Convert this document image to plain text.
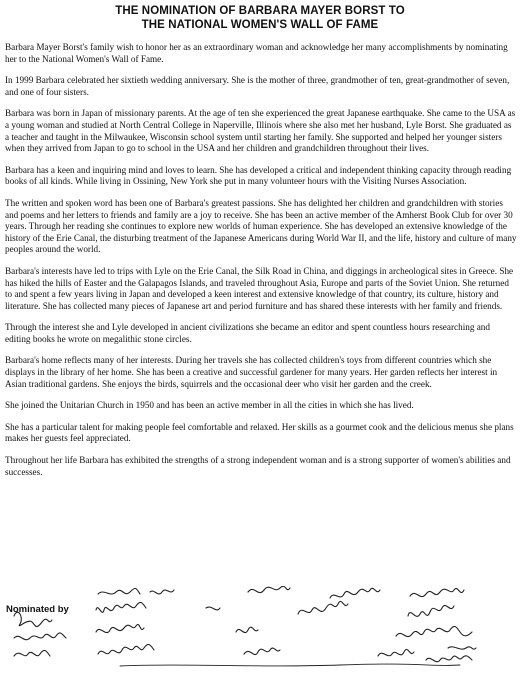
THE NOMINATION OF BARBARA MAYER BORST TO
THE NATIONAL WOMEN'S WALL OF FAME

Barbara Mayer Borst's family wish to honor her as an extraordinary woman and acknowledge her many accomplishments by nominating her to the National Women's Wall of Fame.

In 1999 Barbara celebrated her sixtieth wedding anniversary. She is the mother of three, grandmother of ten, great-grandmother of seven, and one of four sisters.

Barbara was born in Japan of missionary parents. At the age of ten she experienced the great Japanese earthquake. She came to the USA as a young woman and studied at North Central College in Naperville, Illinois where she also met her husband, Lyle Borst. She graduated as a teacher and taught in the Milwaukee, Wisconsin school system until starting her family. She supported and helped her younger sisters when they arrived from Japan to go to school in the USA and her children and grandchildren throughout their lives.

Barbara has a keen and inquiring mind and loves to learn. She has developed a critical and independent thinking capacity through reading books of all kinds. While living in Ossining, New York she put in many volunteer hours with the Visiting Nurses Association.

The written and spoken word has been one of Barbara's greatest passions. She has delighted her children and grandchildren with stories and poems and her letters to friends and family are a joy to receive. She has been an active member of the Amherst Book Club for over 30 years. Through her reading she continues to explore new worlds of human experience. She has developed an extensive knowledge of the history of the Erie Canal, the disturbing treatment of the Japanese Americans during World War II, and the life, history and culture of many peoples around the world.

Barbara's interests have led to trips with Lyle on the Erie Canal, the Silk Road in China, and diggings in archeological sites in Greece. She has hiked the hills of Easter and the Galapagos Islands, and traveled throughout Asia, Europe and parts of the Soviet Union. She returned to and spent a few years living in Japan and developed a keen interest and extensive knowledge of that country, its culture, history and literature. She has collected many pieces of Japanese art and period furniture and has shared these interests with her family and friends.

Through the interest she and Lyle developed in ancient civilizations she became an editor and spent countless hours researching and editing books he wrote on megalithic stone circles.

Barbara's home reflects many of her interests. During her travels she has collected children's toys from different countries which she displays in the library of her home. She has been a creative and successful gardener for many years. Her garden reflects her interest in Asian traditional gardens. She enjoys the birds, squirrels and the occasional deer who visit her garden and the creek.

She joined the Unitarian Church in 1950 and has been an active member in all the cities in which she has lived.

She has a particular talent for making people feel comfortable and relaxed. Her skills as a gourmet cook and the delicious menus she plans makes her guests feel appreciated.

Throughout her life Barbara has exhibited the strengths of a strong independent woman and is a strong supporter of women's abilities and successes.

Nominated by
